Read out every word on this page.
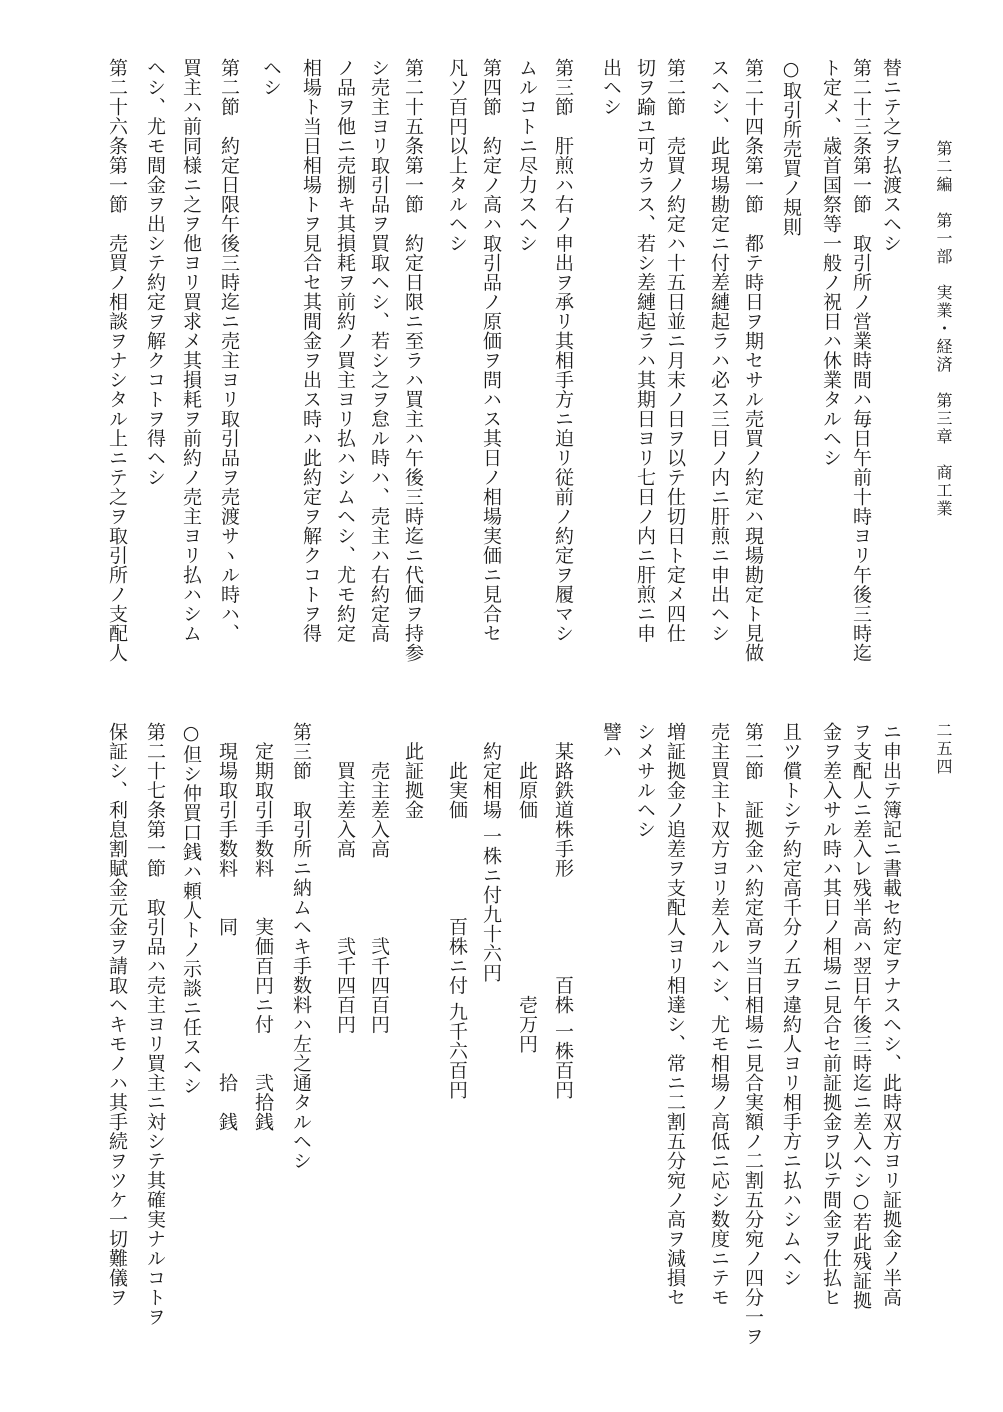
第二編　第一部　実業・経済　第三章　商工業
二五四
替ニテ之ヲ払渡スヘシ
第二十三条第一節　取引所ノ営業時間ハ毎日午前十時ヨリ午後三時迄
ト定メ、歳首国祭等一般ノ祝日ハ休業タルヘシ
○取引所売買ノ規則
第二十四条第一節　都テ時日ヲ期セサル売買ノ約定ハ現場勘定ト見做
スヘシ、此現場勘定ニ付差縺起ラハ必ス三日ノ内ニ肝煎ニ申出ヘシ
第二節　売買ノ約定ハ十五日並ニ月末ノ日ヲ以テ仕切日ト定メ四仕
切ヲ踰ユ可カラス、若シ差縺起ラハ其期日ヨリ七日ノ内ニ肝煎ニ申
出ヘシ
第三節　肝煎ハ右ノ申出ヲ承リ其相手方ニ迫リ従前ノ約定ヲ履マシ
ムルコトニ尽力スヘシ
第四節　約定ノ高ハ取引品ノ原価ヲ問ハス其日ノ相場実価ニ見合セ
凡ソ百円以上タルヘシ
第二十五条第一節　約定日限ニ至ラハ買主ハ午後三時迄ニ代価ヲ持参
シ売主ヨリ取引品ヲ買取ヘシ、若シ之ヲ怠ル時ハ、売主ハ右約定高
ノ品ヲ他ニ売捌キ其損耗ヲ前約ノ買主ヨリ払ハシムヘシ、尤モ約定
相場ト当日相場トヲ見合セ其間金ヲ出ス時ハ此約定ヲ解クコトヲ得
ヘシ
第二節　約定日限午後三時迄ニ売主ヨリ取引品ヲ売渡サヽル時ハ、
買主ハ前同様ニ之ヲ他ヨリ買求メ其損耗ヲ前約ノ売主ヨリ払ハシム
ヘシ、尤モ間金ヲ出シテ約定ヲ解クコトヲ得ヘシ
第二十六条第一節　売買ノ相談ヲナシタル上ニテ之ヲ取引所ノ支配人
ニ申出テ簿記ニ書載セ約定ヲナスヘシ、此時双方ヨリ証拠金ノ半高
ヲ支配人ニ差入レ残半高ハ翌日午後三時迄ニ差入ヘシ○若此残証拠
金ヲ差入サル時ハ其日ノ相場ニ見合セ前証拠金ヲ以テ間金ヲ仕払ヒ
且ツ償トシテ約定高千分ノ五ヲ違約人ヨリ相手方ニ払ハシムヘシ
第二節　証拠金ハ約定高ヲ当日相場ニ見合実額ノ二割五分宛ノ四分一ヲ
売主買主ト双方ヨリ差入ルヘシ、尤モ相場ノ高低ニ応シ数度ニテモ
増証拠金ノ追差ヲ支配人ヨリ相達シ、常ニ二割五分宛ノ高ヲ減損セ
シメサルヘシ
譬ハ
　某路鉄道株手形　　　　　百株 一株百円
　　此原価　　　　　　　　　壱万円
　約定相場 一株ニ付九十六円
　　此実価　　　　　百株ニ付 九千六百円
　此証拠金
　　売主差入高　　　　弐千四百円
　　買主差入高　　　　弐千四百円
第三節　取引所ニ納ムヘキ手数料ハ左之通タルヘシ
　定期取引手数料　　実価百円ニ付　　弐拾銭
　現場取引手数料　　同　　　　　　　拾　銭
○但シ仲買口銭ハ頼人トノ示談ニ任スヘシ
第二十七条第一節　取引品ハ売主ヨリ買主ニ対シテ其確実ナルコトヲ
保証シ、利息割賦金元金ヲ請取ヘキモノハ其手続ヲツケ一切難儀ヲ
